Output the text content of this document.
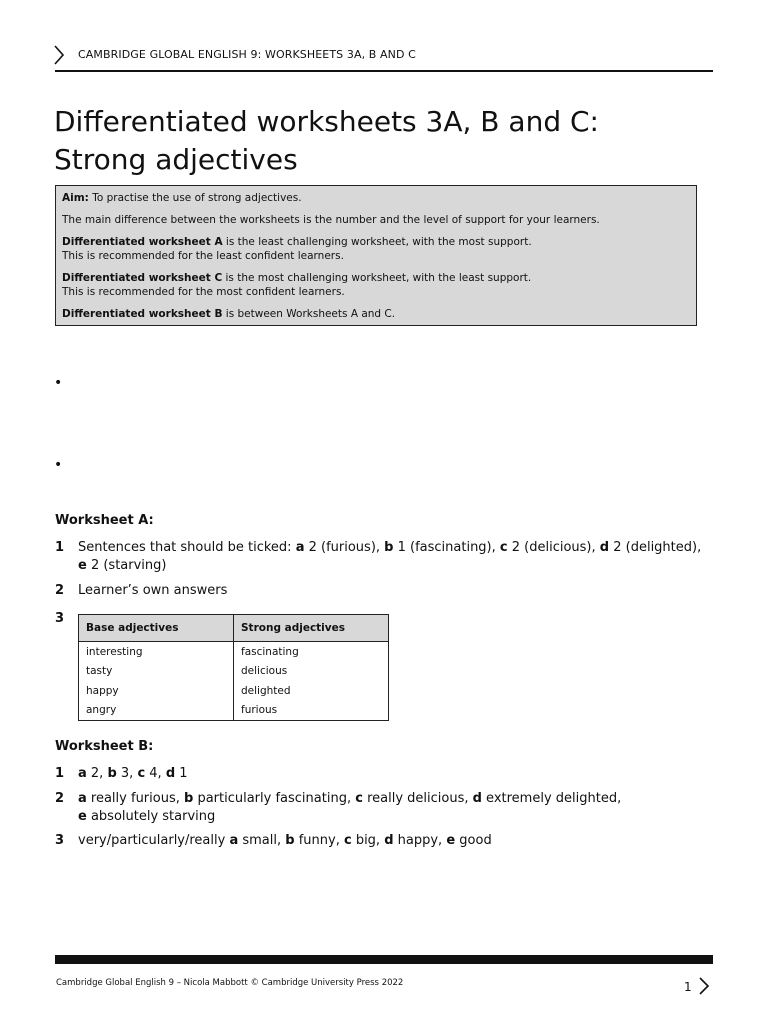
CAMBRIDGE GLOBAL ENGLISH 9: WORKSHEETS 3A, B AND C
Differentiated worksheets 3A, B and C:
Strong adjectives

Aim: To practise the use of strong adjectives.

The main difference between the worksheets is the number and the level of support for your learners.

Differentiated worksheet A is the least challenging worksheet, with the most support.

This is recommended for the least confident learners.

Differentiated worksheet C is the most challenging worksheet, with the least support.

This is recommended for the most confident learners.

Differentiated worksheet B is between Worksheets A and C.

•
•
Worksheet A:
1 Sentences that should be ticked: a 2 (furious), b 1 (fascinating), c 2 (delicious), d 2 (delighted),
e 2 (starving)
2 Learner’s own answers
3
Base adjectives	Strong adjectives
interesting	fascinating
tasty	delicious
happy	delighted
angry	furious
Worksheet B:
1 a 2, b 3, c 4, d 1
2 a really furious, b particularly fascinating, c really delicious, d extremely delighted,
e absolutely starving
3 very/particularly/really a small, b funny, c big, d happy, e good
Cambridge Global English 9 – Nicola Mabbott © Cambridge University Press 2022	1
